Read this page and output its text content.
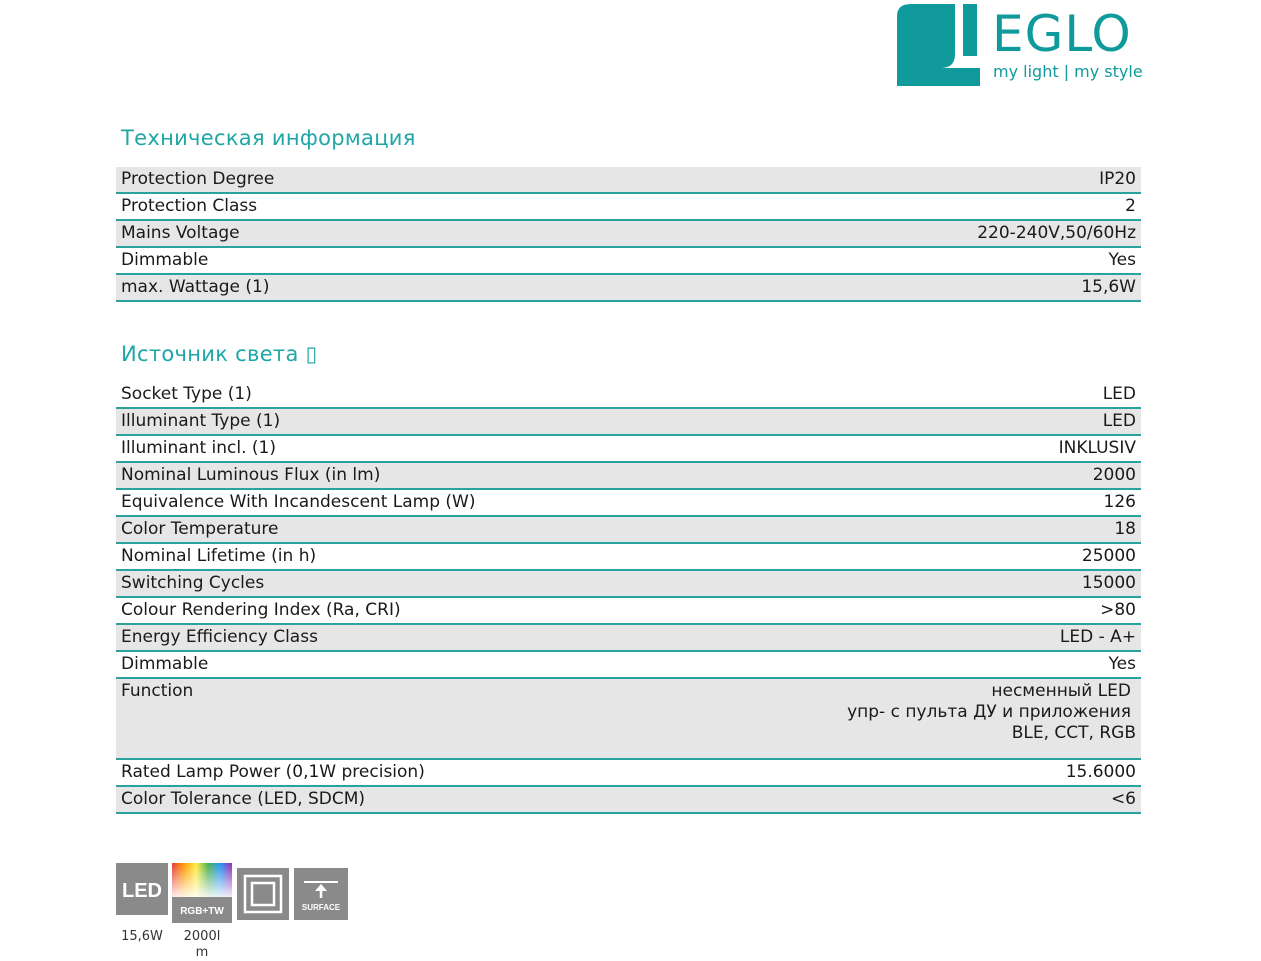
EGLO
my light | my style
Техническая информация
Protection Degree	IP20
Protection Class	2
Mains Voltage	220-240V,50/60Hz
Dimmable	Yes
max. Wattage (1)	15,6W
Источник света ▯
Socket Type (1)	LED
Illuminant Type (1)	LED
Illuminant incl. (1)	INKLUSIV
Nominal Luminous Flux (in lm)	2000
Equivalence With Incandescent Lamp (W)	126
Color Temperature	18
Nominal Lifetime (in h)	25000
Switching Cycles	15000
Colour Rendering Index (Ra, CRI)	>80
Energy Efficiency Class	LED - A+
Dimmable	Yes
Function	несменный LED
упр- с пульта ДУ и приложения
BLE, CCT, RGB
Rated Lamp Power (0,1W precision)	15.6000
Color Tolerance (LED, SDCM)	<6
LED
15,6W
RGB+TW
2000l
m
SURFACE
